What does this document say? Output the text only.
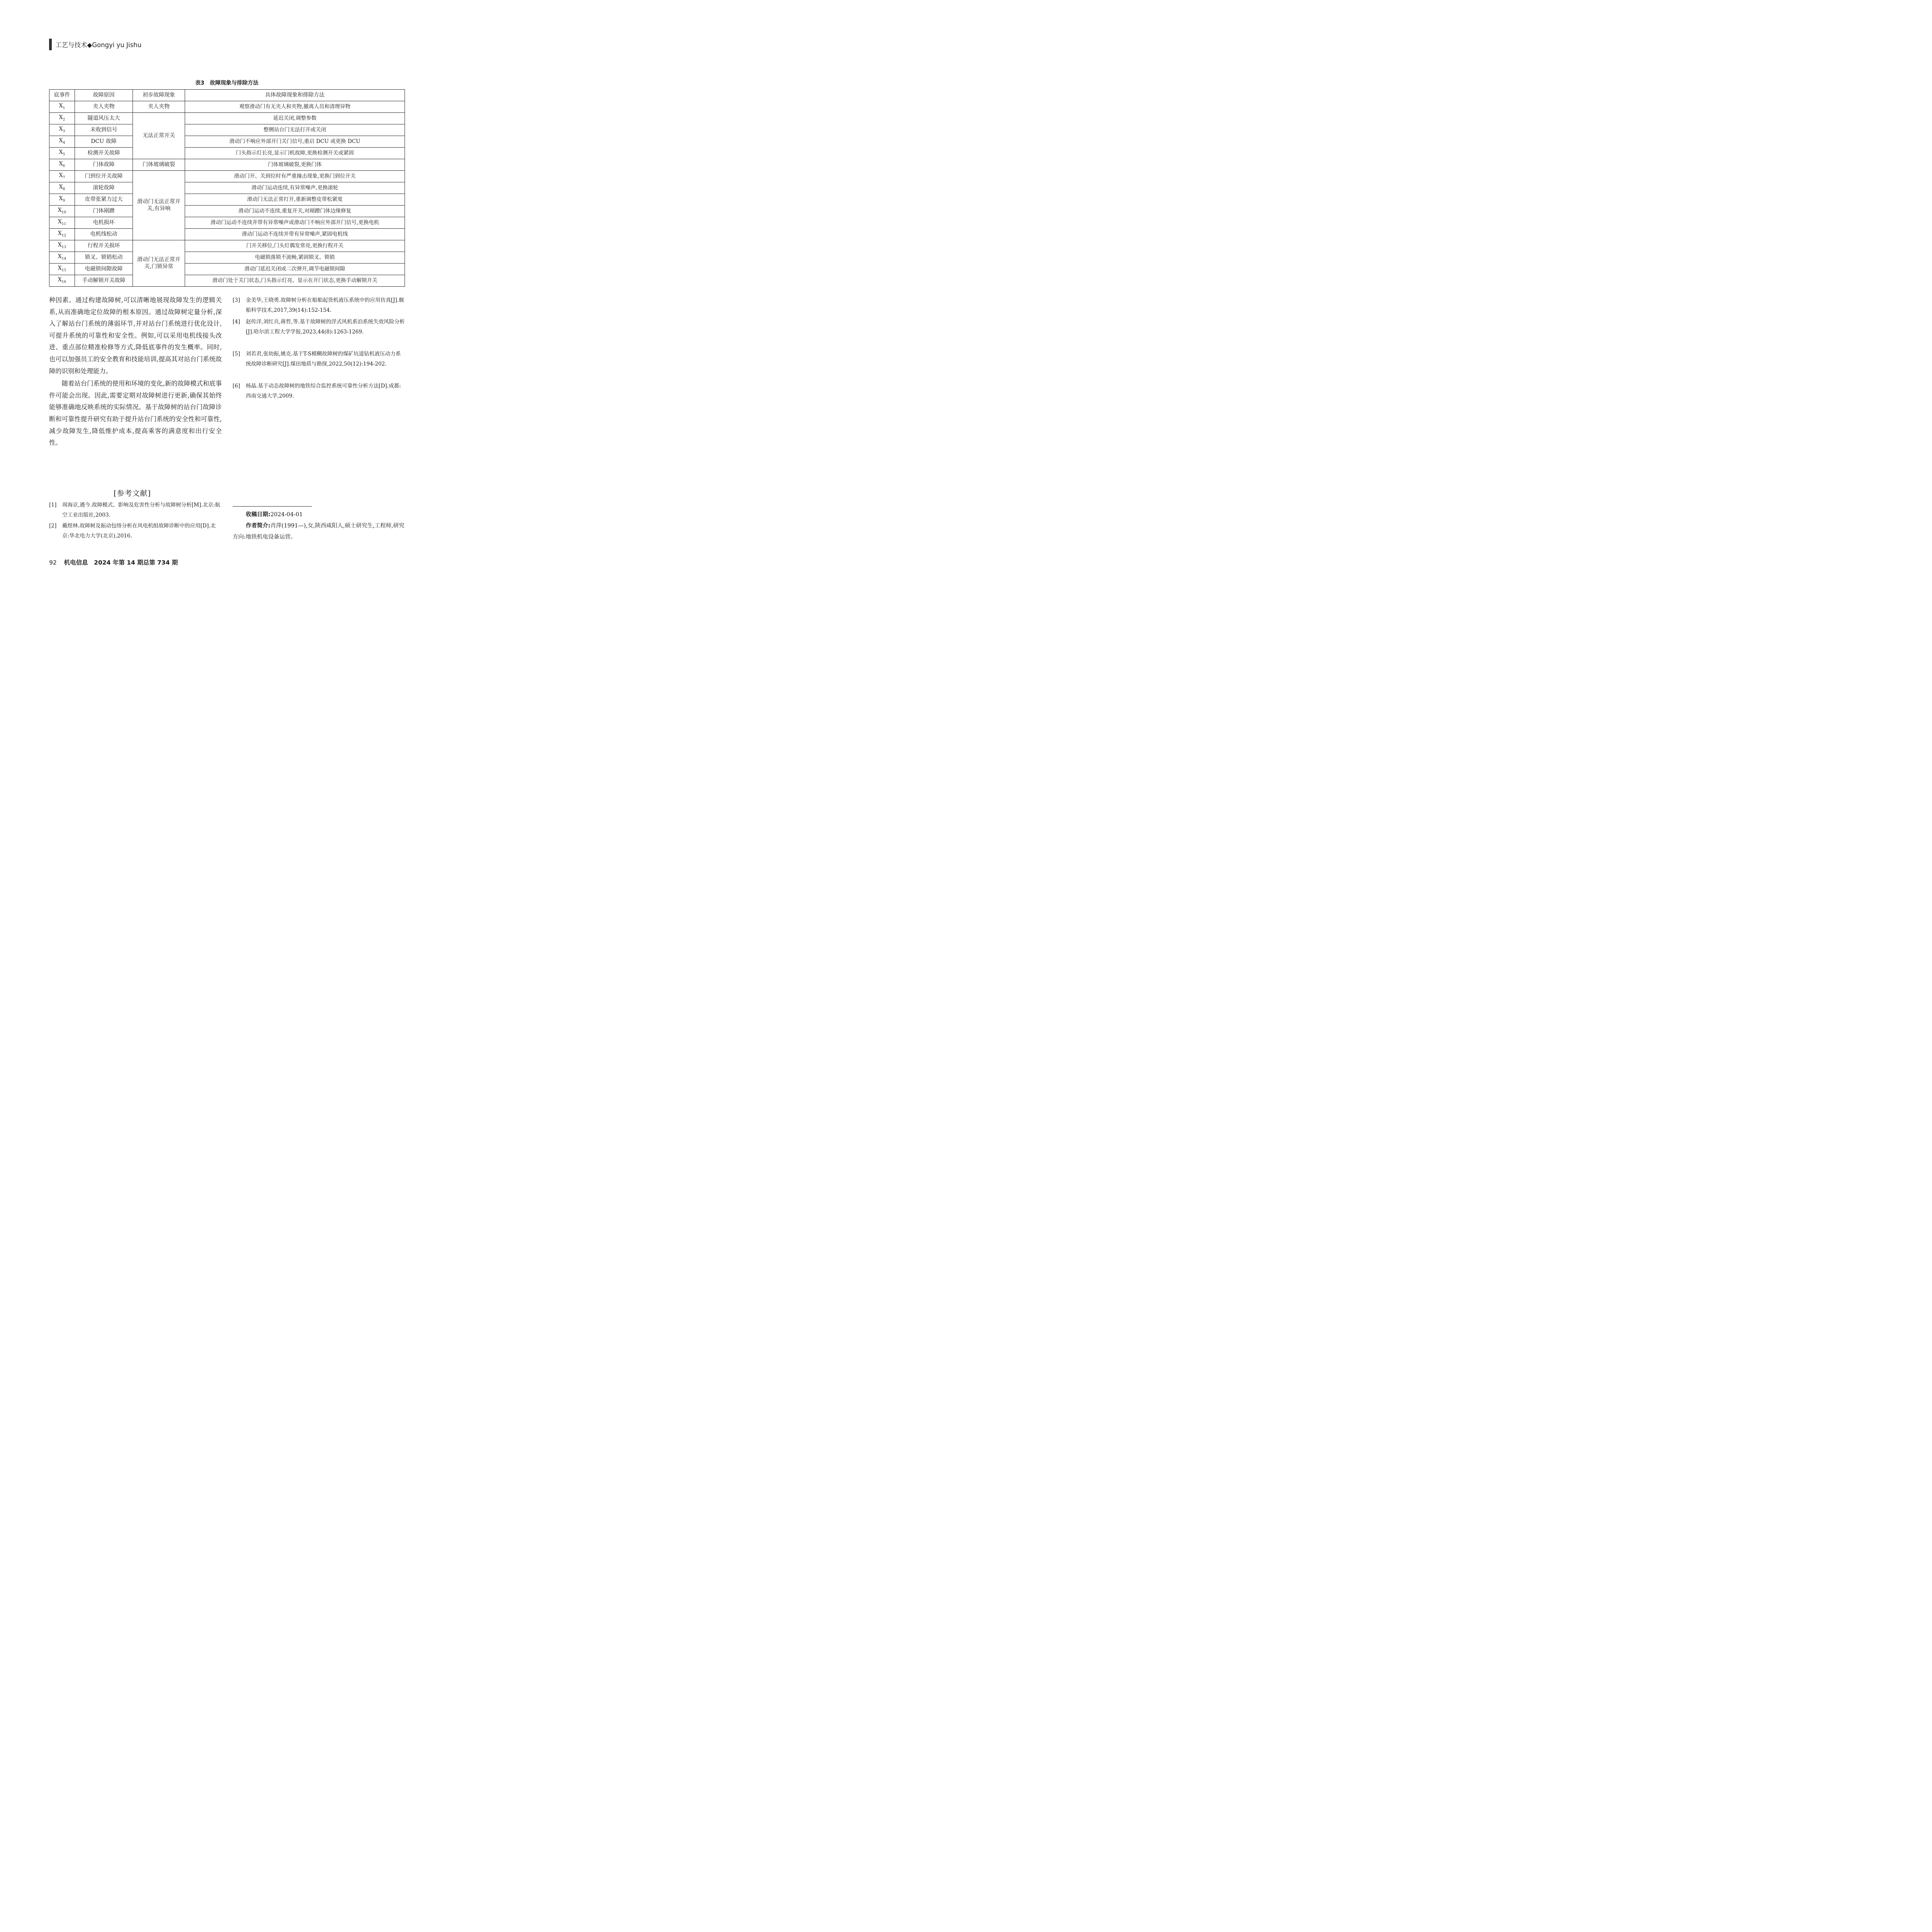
工艺与技术◆Gongyi yu Jishu
表3　故障现象与排除方法
底事件	故障原因	初步故障现象	具体故障现象和排除方法
$X_1$	夹人夹物	夹人夹物	观察滑动门有无夹人和夹物,撤离人员和清理异物
$X_2$	隧道风压太大	无法正常开关	延迟关闭,调整参数
$X_3$	未收到信号		整侧站台门无法打开或关闭
$X_4$	DCU 故障		滑动门不响应外部开门关门信号,重启 DCU 或更换 DCU
$X_5$	检测开关故障		门头指示灯长亮,显示门机故障,更换检测开关或紧固
$X_6$	门体故障	门体玻璃破裂	门体玻璃破裂,更换门体
$X_7$	门到位开关故障	滑动门无法正常开关,有异响	滑动门开、关到位时有严重撞击现象,更换门到位开关
$X_8$	滚轮故障		滑动门运动连续,有异常噪声,更换滚轮
$X_9$	皮带张紧力过大		滑动门无法正常打开,重新调整皮带松紧度
$X_{10}$	门体剐蹭		滑动门运动不连续,重复开关,对剐蹭门体边缘修复
$X_{11}$	电机损坏		滑动门运动不连续并带有异常噪声或滑动门不响应外部开门信号,更换电机
$X_{12}$	电机线松动		滑动门运动不连续并带有异常噪声,紧固电机线
$X_{13}$	行程开关损坏	滑动门无法正常开关,门锁异常	门开关移位,门头灯偶发常亮,更换行程开关
$X_{14}$	锁叉、锁销松动		电磁锁落锁不流畅,紧固锁叉、锁销
$X_{15}$	电磁锁间隙故障		滑动门延迟关闭或二次弹开,调节电磁锁间隙
$X_{16}$	手动解锁开关故障		滑动门处于关门状态,门头指示灯亮、显示在开门状态,更换手动解锁开关

种因素。通过构建故障树,可以清晰地展现故障发生的逻辑关系,从而准确地定位故障的根本原因。通过故障树定量分析,深入了解站台门系统的薄弱环节,并对站台门系统进行优化设计,可提升系统的可靠性和安全性。例如,可以采用电机线接头改进、重点部位精准检修等方式,降低底事件的发生概率。同时,也可以加强员工的安全教育和技能培训,提高其对站台门系统故障的识别和处理能力。

随着站台门系统的使用和环境的变化,新的故障模式和底事件可能会出现。因此,需要定期对故障树进行更新,确保其始终能够准确地反映系统的实际情况。基于故障树的站台门故障诊断和可靠性提升研究有助于提升站台门系统的安全性和可靠性,减少故障发生,降低维护成本,提高乘客的满意度和出行安全性。

[参考文献]
[1] 周海京,遇今.故障模式、影响及危害性分析与故障树分析[M].北京:航空工业出版社,2003.
[2] 戴煜林.故障树及振动包络分析在风电机组故障诊断中的应用[D].北京:华北电力大学(北京),2016.
[3] 金美华,王晓勇.故障树分析在船舶起货机液压系统中的应用仿真[J].舰船科学技术,2017,39(14):152-154.
[4] 赵传洋,刘红兵,蒋哲,等.基于故障树的浮式风机系泊系统失效风险分析[J].哈尔滨工程大学学报,2023,44(8):1263-1269.
[5] 刘若君,张幼振,姚克.基于T-S模糊故障树的煤矿坑道钻机液压动力系统故障诊断研究[J].煤田地质与勘探,2022,50(12):194-202.
[6] 杨晶.基于动态故障树的地铁综合监控系统可靠性分析方法[D].成都:西南交通大学,2009.
收稿日期:2024-04-01
作者简介:肖萍(1991—),女,陕西咸阳人,硕士研究生,工程师,研究方向:地铁机电设备运营。
92 机电信息　2024 年第 14 期总第 734 期
